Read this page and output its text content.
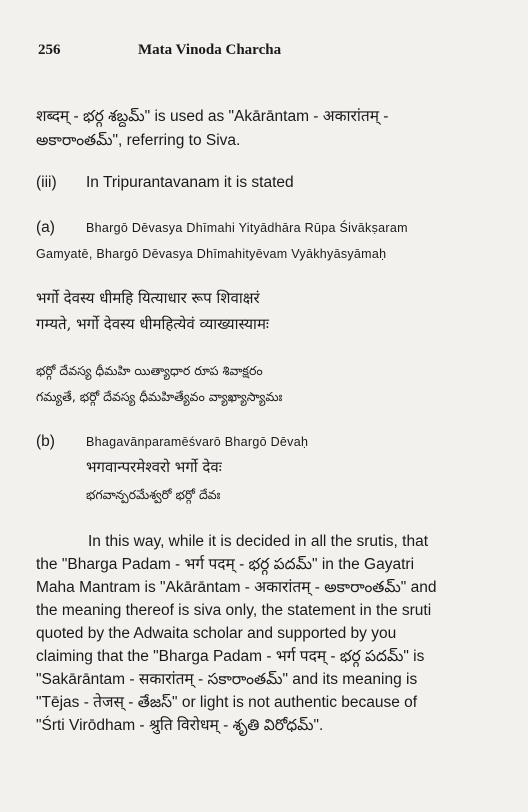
256	Mata Vinoda Charcha
शब्दम् - భర్గ శబ్దమ్" is used as "Akārāntam - अकारांतम् -
అకారాంతమ్", referring to Siva.
(iii) In Tripurantavanam it is stated
(a) Bhargō Dēvasya Dhīmahi Yityādhāra Rūpa Śivākṣaram
Gamyatē, Bhargō Dēvasya Dhīmahityēvam Vyākhyāsyāmaḥ
भर्गो देवस्य धीमहि यित्याधार रूप शिवाक्षरं
गम्यते, भर्गो देवस्य धीमहित्येवं व्याख्यास्यामः
భర్గో దేవస్య ధీమహి యిత్యాధార రూప శివాక్షరం
గమ్యతే, భర్గో దేవస్య ధీమహిత్యేవం వ్యాఖ్యాస్యామః
(b) Bhagavānparamēśvarō Bhargō Dēvaḥ
भगवान्परमेश्वरो भर्गो देवः
భగవాన్పరమేశ్వరో భర్గో దేవః
In this way, while it is decided in all the srutis, that
the "Bharga Padam - भर्ग पदम् - భర్గ పదమ్" in the Gayatri
Maha Mantram is "Akārāntam - अकारांतम् - అకారాంతమ్" and
the meaning thereof is siva only, the statement in the sruti
quoted by the Adwaita scholar and supported by you
claiming that the "Bharga Padam - भर्ग पदम् - భర్గ పదమ్" is
"Sakārāntam - सकारांतम् - సకారాంతమ్" and its meaning is
"Tējas - तेजस् - తేజస్" or light is not authentic because of
"Śrti Virōdham - श्रुति विरोधम् - శృతి విరోధమ్".
